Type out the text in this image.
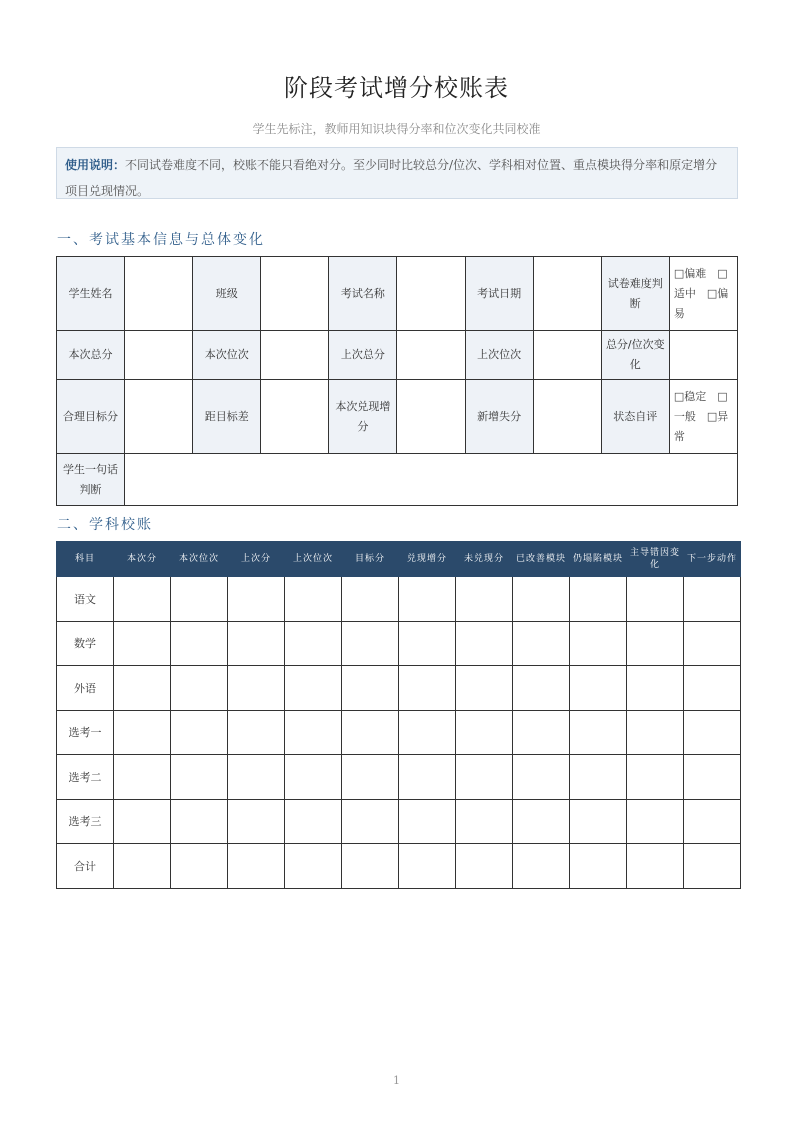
阶段考试增分校账表
学生先标注，教师用知识块得分率和位次变化共同校准
使用说明：不同试卷难度不同，校账不能只看绝对分。至少同时比较总分/位次、学科相对位置、重点模块得分率和原定增分项目兑现情况。
一、考试基本信息与总体变化
学生姓名		班级		考试名称		考试日期		试卷难度判断	□偏难　□适中　□偏易
本次总分		本次位次		上次总分		上次位次		总分/位次变化	
合理目标分		距目标差		本次兑现增分		新增失分		状态自评	□稳定　□一般　□异常
学生一句话判断									
二、学科校账
科目	本次分	本次位次	上次分	上次位次	目标分	兑现增分	未兑现分	已改善模块	仍塌陷模块	主导错因变化	下一步动作
语文											
数学											
外语											
选考一											
选考二											
选考三											
合计											
1
